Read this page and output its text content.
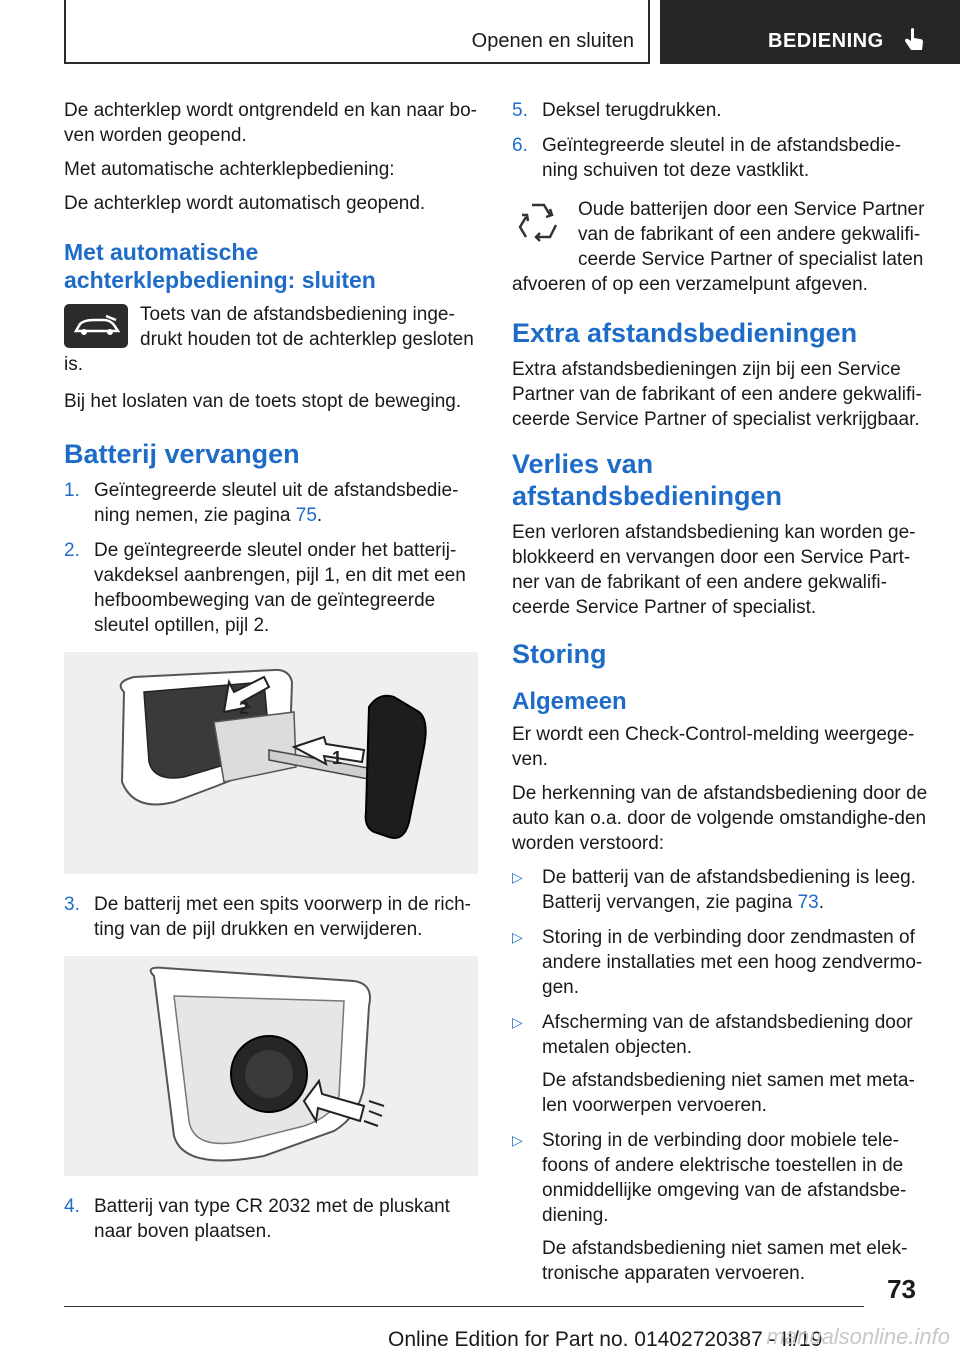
Openen en sluiten	BEDIENING

De achterklep wordt ontgrendeld en kan naar bo-ven worden geopend.

Met automatische achterklepbediening:

De achterklep wordt automatisch geopend.

Met automatische achterklepbediening: sluiten
Toets van de afstandsbediening inge-drukt houden tot de achterklep gesloten is.

Bij het loslaten van de toets stopt de beweging.

Batterij vervangen
1. Geïntegreerde sleutel uit de afstandsbedie-ning nemen, zie pagina 75.
2. De geïntegreerde sleutel onder het batterij-vakdeksel aanbrengen, pijl 1, en dit met een hefboombeweging van de geïntegreerde sleutel optillen, pijl 2.
2
1
3. De batterij met een spits voorwerp in de rich-ting van de pijl drukken en verwijderen.
4. Batterij van type CR 2032 met de pluskant naar boven plaatsen.
5. Deksel terugdrukken.
6. Geïntegreerde sleutel in de afstandsbedie-ning schuiven tot deze vastklikt.
Oude batterijen door een Service Partner van de fabrikant of een andere gekwalifi-ceerde Service Partner of specialist laten afvoeren of op een verzamelpunt afgeven.
Extra afstandsbedieningen

Extra afstandsbedieningen zijn bij een Service Partner van de fabrikant of een andere gekwalifi-ceerde Service Partner of specialist verkrijgbaar.

Verlies van afstandsbedieningen

Een verloren afstandsbediening kan worden ge-blokkeerd en vervangen door een Service Part-ner van de fabrikant of een andere gekwalifi-ceerde Service Partner of specialist.

Storing
Algemeen

Er wordt een Check-Control-melding weergege-ven.

De herkenning van de afstandsbediening door de auto kan o.a. door de volgende omstandighe-den worden verstoord:

▷ De batterij van de afstandsbediening is leeg. Batterij vervangen, zie pagina 73.
▷ Storing in de verbinding door zendmasten of andere installaties met een hoog zendvermo-gen.
▷ Afscherming van de afstandsbediening door metalen objecten.
De afstandsbediening niet samen met meta-len voorwerpen vervoeren.
▷ Storing in de verbinding door mobiele tele-foons of andere elektrische toestellen in de onmiddellijke omgeving van de afstandsbe-diening.
De afstandsbediening niet samen met elek-tronische apparaten vervoeren.
73
Online Edition for Part no. 01402720387 - II/19
manualsonline.info
